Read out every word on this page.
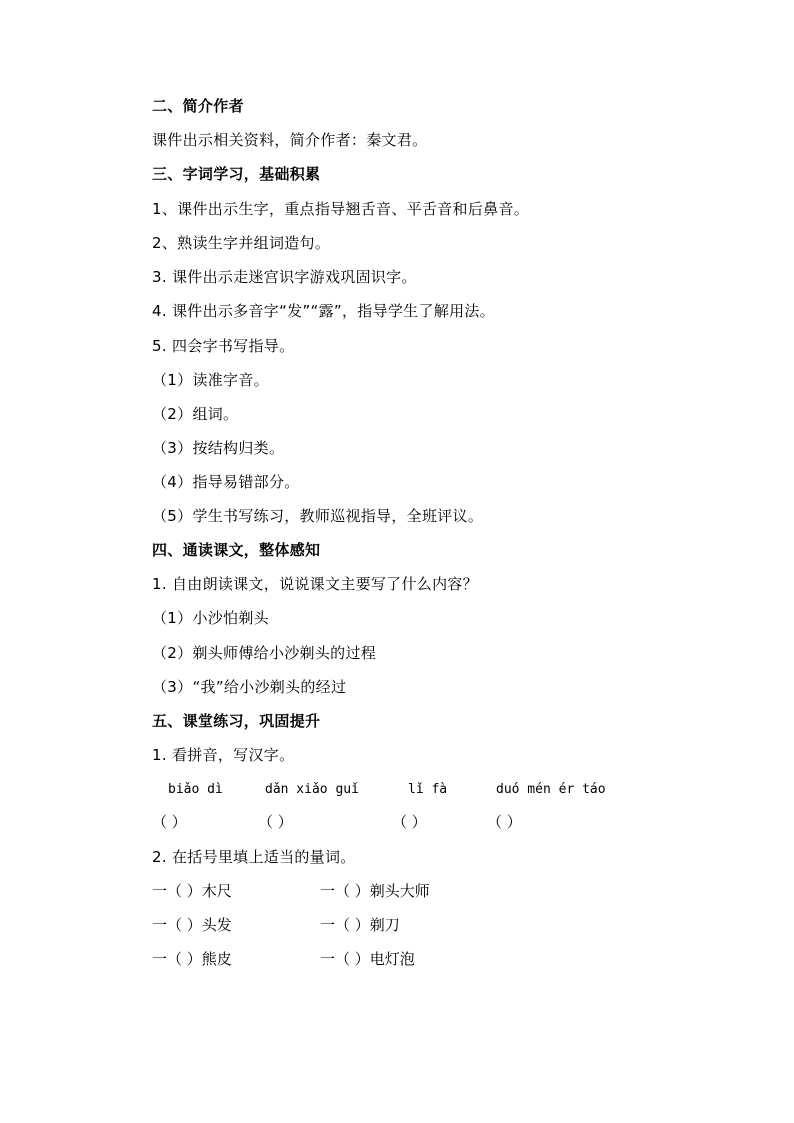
二、简介作者
课件出示相关资料，简介作者：秦文君。
三、字词学习，基础积累
1、课件出示生字，重点指导翘舌音、平舌音和后鼻音。
2、熟读生字并组词造句。
3. 课件出示走迷宫识字游戏巩固识字。
4. 课件出示多音字“发”“露”，指导学生了解用法。
5. 四会字书写指导。
（1）读准字音。
（2）组词。
（3）按结构归类。
（4）指导易错部分。
（5）学生书写练习，教师巡视指导，全班评议。
四、通读课文，整体感知
1. 自由朗读课文，说说课文主要写了什么内容？
（1）小沙怕剃头
（2）剃头师傅给小沙剃头的过程
（3）“我”给小沙剃头的经过
五、课堂练习，巩固提升
1. 看拼音，写汉字。
biǎo dì	dǎn xiǎo guǐ	lǐ fà	duó mén ér táo
（ ）	（ ）	（ ）	（ ）
2. 在括号里填上适当的量词。
一（ ）木尺	一（ ）剃头大师
一（ ）头发	一（ ）剃刀
一（ ）熊皮	一（ ）电灯泡
